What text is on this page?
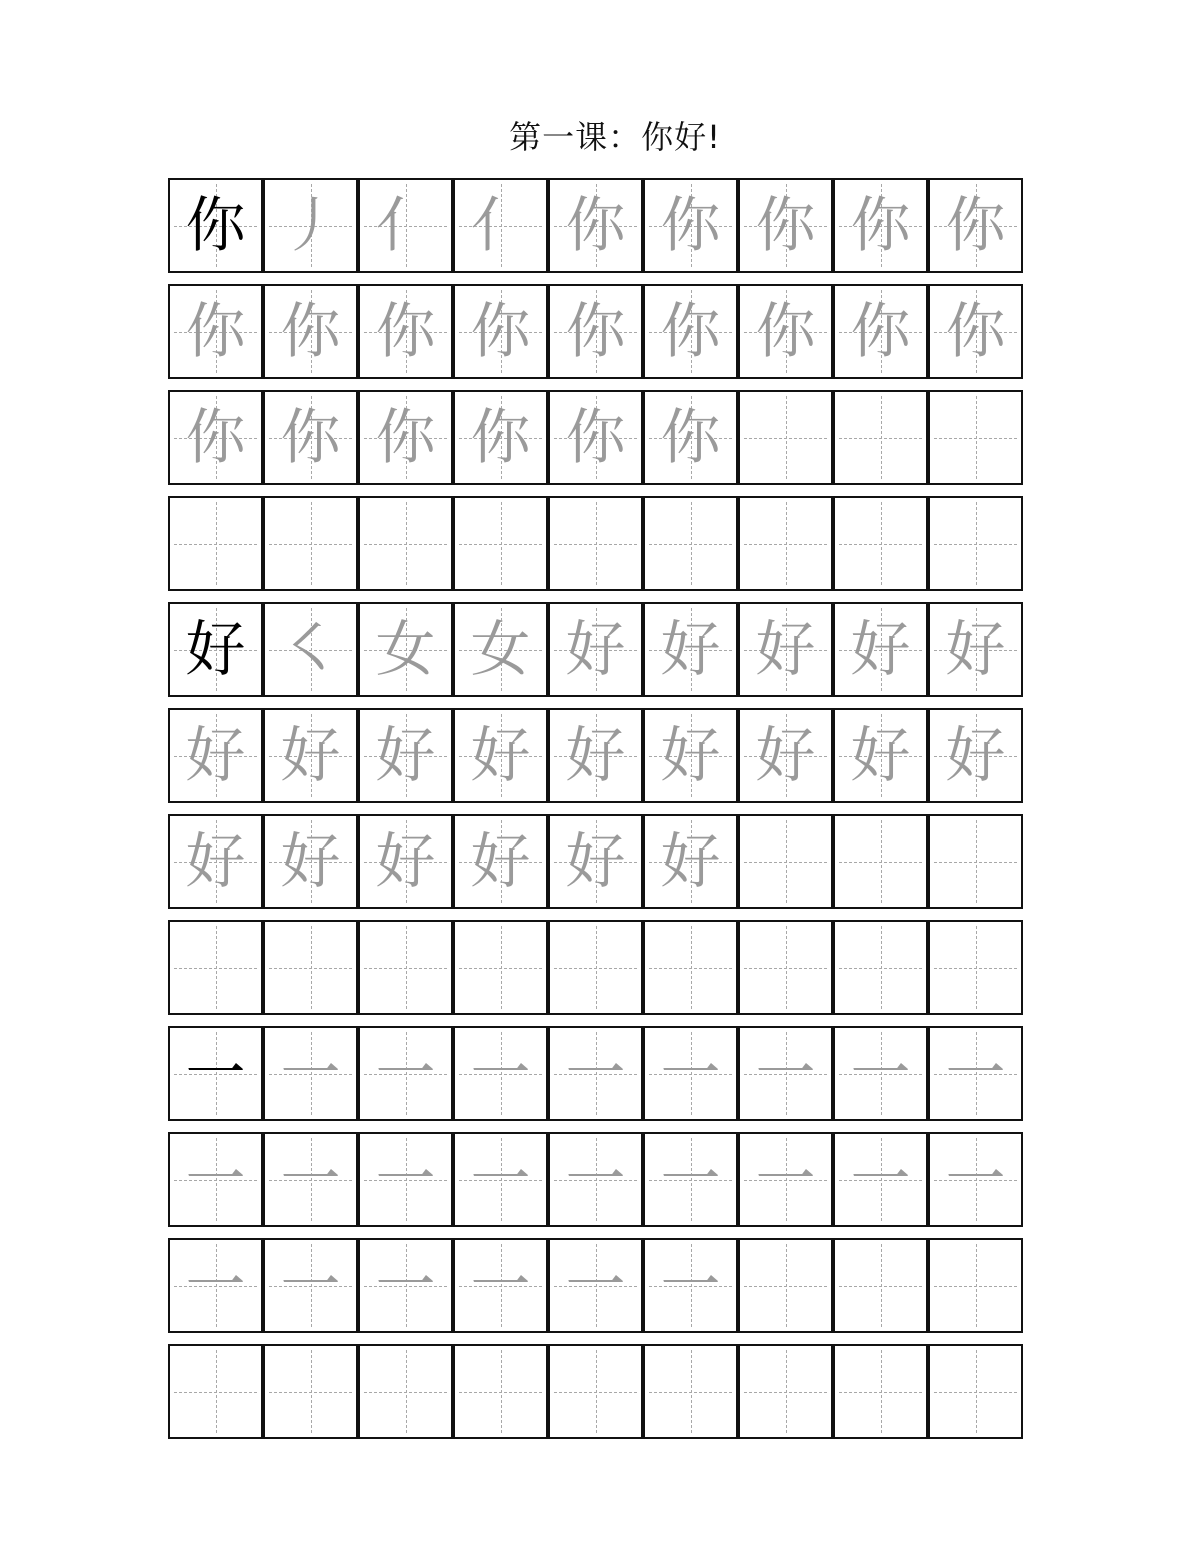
第一课：你好!
你 丿 亻 亻 你 你 你 你 你
你 你 你 你 你 你 你 你 你
你 你 你 你 你 你
好 ㇛ 女 女 好 好 好 好 好
好 好 好 好 好 好 好 好 好
好 好 好 好 好 好
一 一 一 一 一 一 一 一 一
一 一 一 一 一 一 一 一 一
一 一 一 一 一 一
